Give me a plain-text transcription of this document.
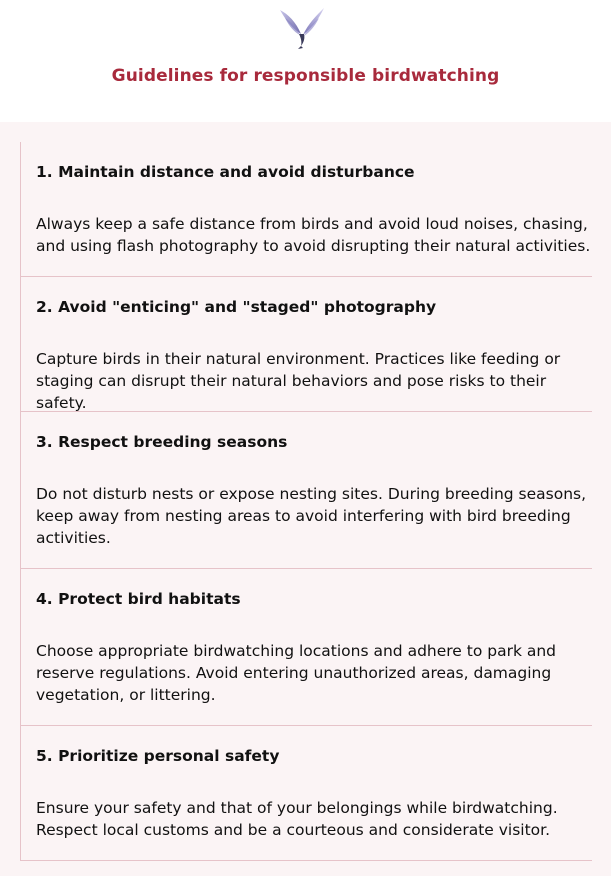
Guidelines for responsible birdwatching
1. Maintain distance and avoid disturbance
Always keep a safe distance from birds and avoid loud noises, chasing, and using flash photography to avoid disrupting their natural activities.
2. Avoid "enticing" and "staged" photography
Capture birds in their natural environment. Practices like feeding or staging can disrupt their natural behaviors and pose risks to their safety.
3. Respect breeding seasons
Do not disturb nests or expose nesting sites. During breeding seasons, keep away from nesting areas to avoid interfering with bird breeding activities.
4. Protect bird habitats
Choose appropriate birdwatching locations and adhere to park and reserve regulations. Avoid entering unauthorized areas, damaging vegetation, or littering.
5. Prioritize personal safety
Ensure your safety and that of your belongings while birdwatching. Respect local customs and be a courteous and considerate visitor.
